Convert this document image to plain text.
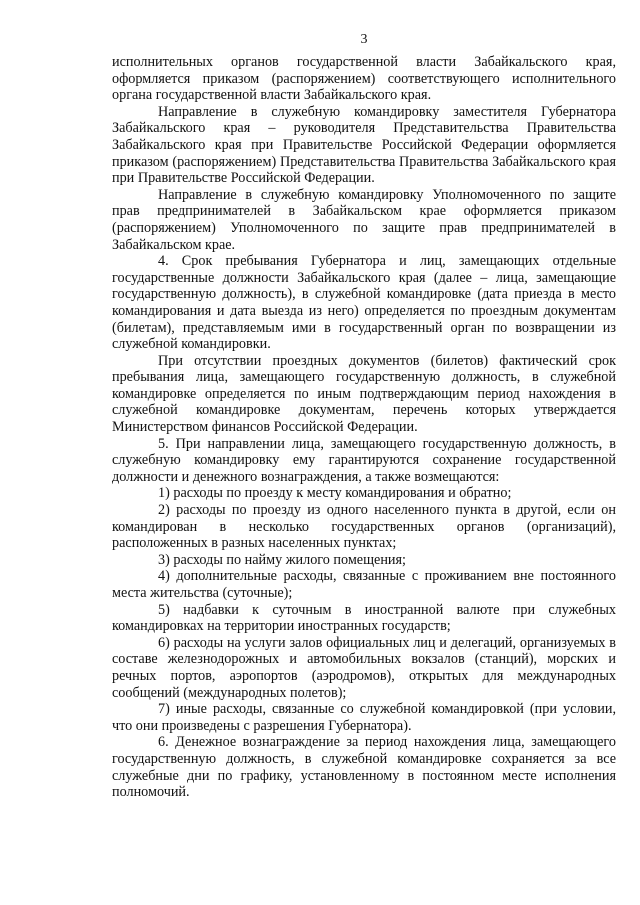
3

исполнительных органов государственной власти Забайкальского края, оформляется приказом (распоряжением) соответствующего исполнительного органа государственной власти Забайкальского края.

Направление в служебную командировку заместителя Губернатора Забайкальского края – руководителя Представительства Правительства Забайкальского края при Правительстве Российской Федерации оформляется приказом (распоряжением) Представительства Правительства Забайкальского края при Правительстве Российской Федерации.

Направление в служебную командировку Уполномоченного по защите прав предпринимателей в Забайкальском крае оформляется приказом (распоряжением) Уполномоченного по защите прав предпринимателей в Забайкальском крае.

4. Срок пребывания Губернатора и лиц, замещающих отдельные государственные должности Забайкальского края (далее – лица, замещающие государственную должность), в служебной командировке (дата приезда в место командирования и дата выезда из него) определяется по проездным документам (билетам), представляемым ими в государственный орган по возвращении из служебной командировки.

При отсутствии проездных документов (билетов) фактический срок пребывания лица, замещающего государственную должность, в служебной командировке определяется по иным подтверждающим период нахождения в служебной командировке документам, перечень которых утверждается Министерством финансов Российской Федерации.

5. При направлении лица, замещающего государственную должность, в служебную командировку ему гарантируются сохранение государственной должности и денежного вознаграждения, а также возмещаются:

1) расходы по проезду к месту командирования и обратно;

2) расходы по проезду из одного населенного пункта в другой, если он командирован в несколько государственных органов (организаций), расположенных в разных населенных пунктах;

3) расходы по найму жилого помещения;

4) дополнительные расходы, связанные с проживанием вне постоянного места жительства (суточные);

5) надбавки к суточным в иностранной валюте при служебных командировках на территории иностранных государств;

6) расходы на услуги залов официальных лиц и делегаций, организуемых в составе железнодорожных и автомобильных вокзалов (станций), морских и речных портов, аэропортов (аэродромов), открытых для международных сообщений (международных полетов);

7) иные расходы, связанные со служебной командировкой (при условии, что они произведены с разрешения Губернатора).

6. Денежное вознаграждение за период нахождения лица, замещающего государственную должность, в служебной командировке сохраняется за все служебные дни по графику, установленному в постоянном месте исполнения полномочий.
